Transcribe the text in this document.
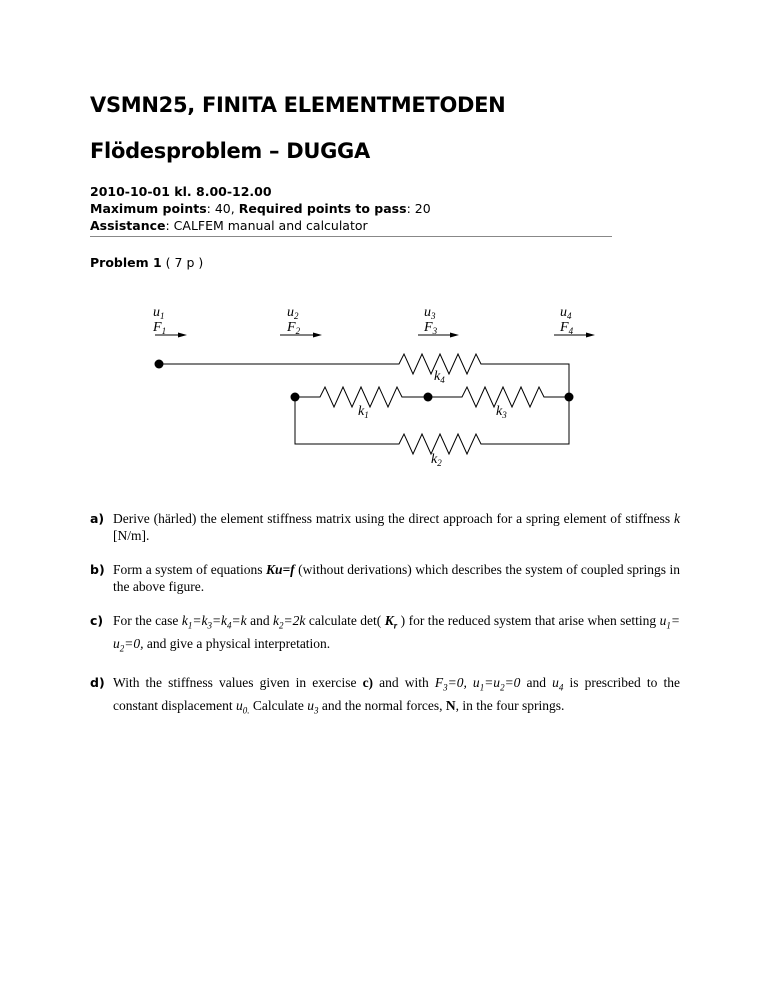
VSMN25, FINITA ELEMENTMETODEN
Flödesproblem – DUGGA
2010-10-01 kl. 8.00-12.00
Maximum points: 40, Required points to pass: 20
Assistance: CALFEM manual and calculator
Problem 1 ( 7 p )
$u_1$
$F_1$
$u_2$
$F_2$
$u_3$
$F_3$
$u_4$
$F_4$
$k_4$
$k_1$	$k_3$
$k_2$
a) Derive (härled) the element stiffness matrix using the direct approach for a spring element of stiffness k [N/m].
b) Form a system of equations Ku=f (without derivations) which describes the system of coupled springs in the above figure.
c) For the case $k_1=k_3=k_4=k$ and $k_2=2k$ calculate det( $K_r$ ) for the reduced system that arise when setting $u_1= u_2=0$, and give a physical interpretation.
d) With the stiffness values given in exercise c) and with $F_3=0$, $u_1=u_2=0$ and $u_4$ is prescribed to the constant displacement $u_{0.}$ Calculate $u_3$ and the normal forces, N, in the four springs.
